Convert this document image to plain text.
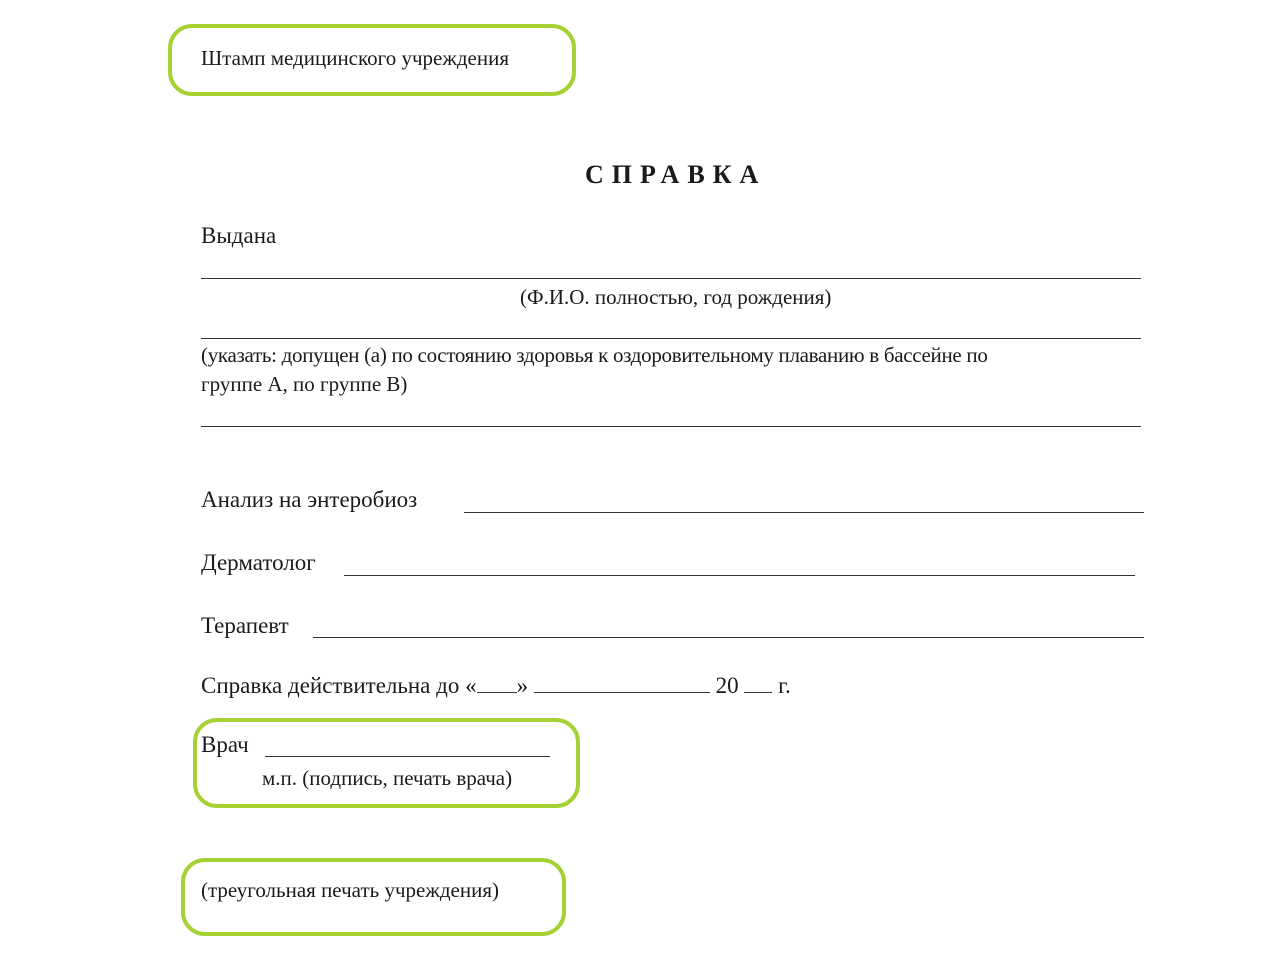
Штамп медицинского учреждения
СПРАВКА
Выдана
(Ф.И.О. полностью, год рождения)
(указать: допущен (а) по состоянию здоровья к оздоровительному плаванию в бассейне по
группе А, по группе В)
Анализ на энтеробиоз
Дерматолог
Терапевт
Справка действительна до « »	20 г.
Врач
м.п. (подпись, печать врача)
(треугольная печать учреждения)
